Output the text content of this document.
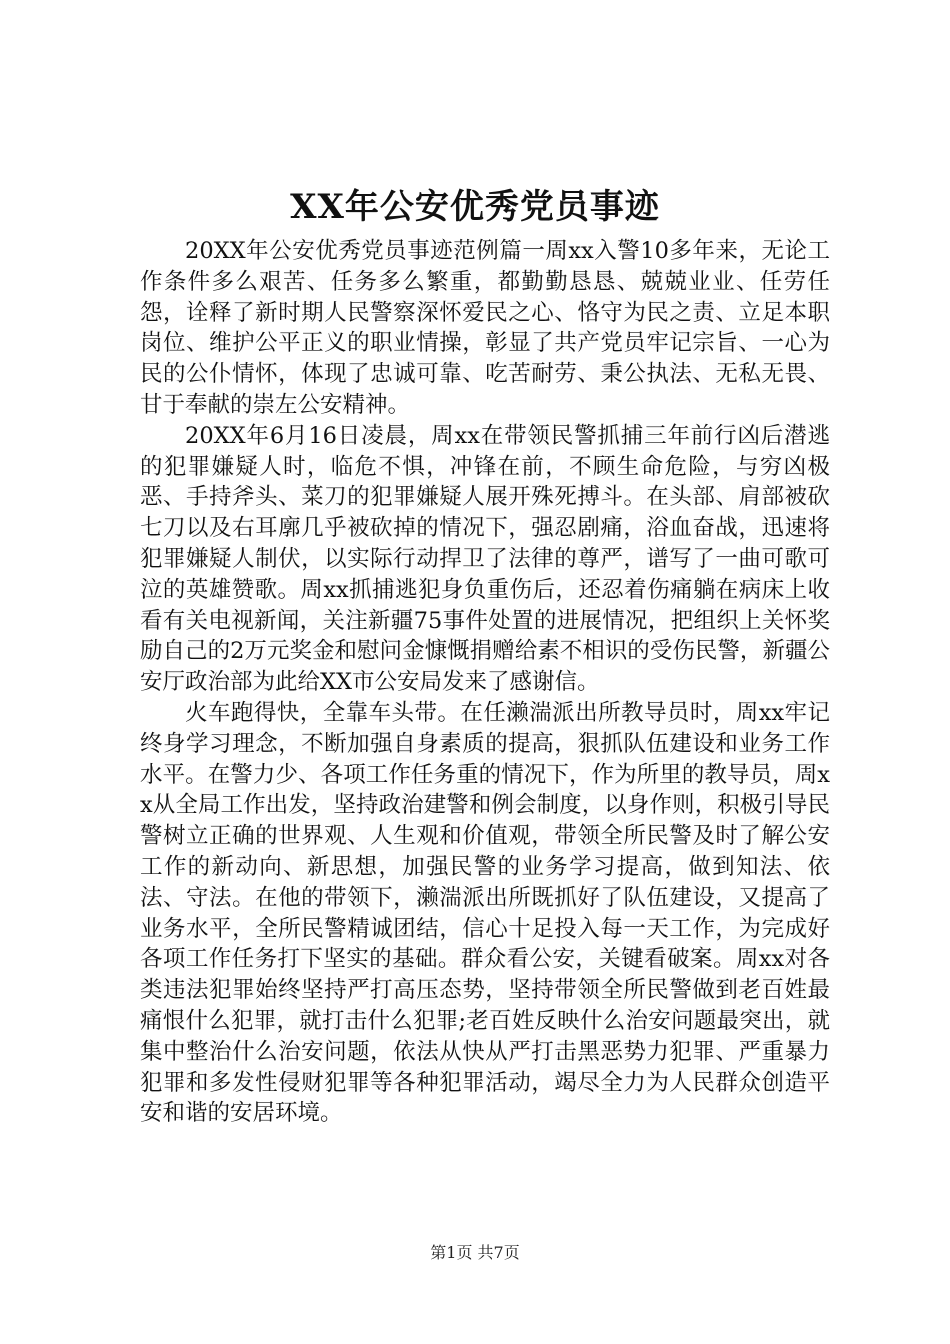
XX年公安优秀党员事迹

20XX年公安优秀党员事迹范例篇一周xx入警10多年来，无论工作条件多么艰苦、任务多么繁重，都勤勤恳恳、兢兢业业、任劳任怨，诠释了新时期人民警察深怀爱民之心、恪守为民之责、立足本职岗位、维护公平正义的职业情操，彰显了共产党员牢记宗旨、一心为民的公仆情怀，体现了忠诚可靠、吃苦耐劳、秉公执法、无私无畏、甘于奉献的崇左公安精神。

20XX年6月16日凌晨，周xx在带领民警抓捕三年前行凶后潜逃的犯罪嫌疑人时，临危不惧，冲锋在前，不顾生命危险，与穷凶极恶、手持斧头、菜刀的犯罪嫌疑人展开殊死搏斗。在头部、肩部被砍七刀以及右耳廓几乎被砍掉的情况下，强忍剧痛，浴血奋战，迅速将犯罪嫌疑人制伏，以实际行动捍卫了法律的尊严，谱写了一曲可歌可泣的英雄赞歌。周xx抓捕逃犯身负重伤后，还忍着伤痛躺在病床上收看有关电视新闻，关注新疆75事件处置的进展情况，把组织上关怀奖励自己的2万元奖金和慰问金慷慨捐赠给素不相识的受伤民警，新疆公安厅政治部为此给XX市公安局发来了感谢信。

火车跑得快，全靠车头带。在任濑湍派出所教导员时，周xx牢记终身学习理念，不断加强自身素质的提高，狠抓队伍建设和业务工作水平。在警力少、各项工作任务重的情况下，作为所里的教导员，周xx从全局工作出发，坚持政治建警和例会制度，以身作则，积极引导民警树立正确的世界观、人生观和价值观，带领全所民警及时了解公安工作的新动向、新思想，加强民警的业务学习提高，做到知法、依法、守法。在他的带领下，濑湍派出所既抓好了队伍建设，又提高了业务水平，全所民警精诚团结，信心十足投入每一天工作，为完成好各项工作任务打下坚实的基础。群众看公安，关键看破案。周xx对各类违法犯罪始终坚持严打高压态势，坚持带领全所民警做到老百姓最痛恨什么犯罪，就打击什么犯罪;老百姓反映什么治安问题最突出，就集中整治什么治安问题，依法从快从严打击黑恶势力犯罪、严重暴力犯罪和多发性侵财犯罪等各种犯罪活动，竭尽全力为人民群众创造平安和谐的安居环境。

第1页 共7页
